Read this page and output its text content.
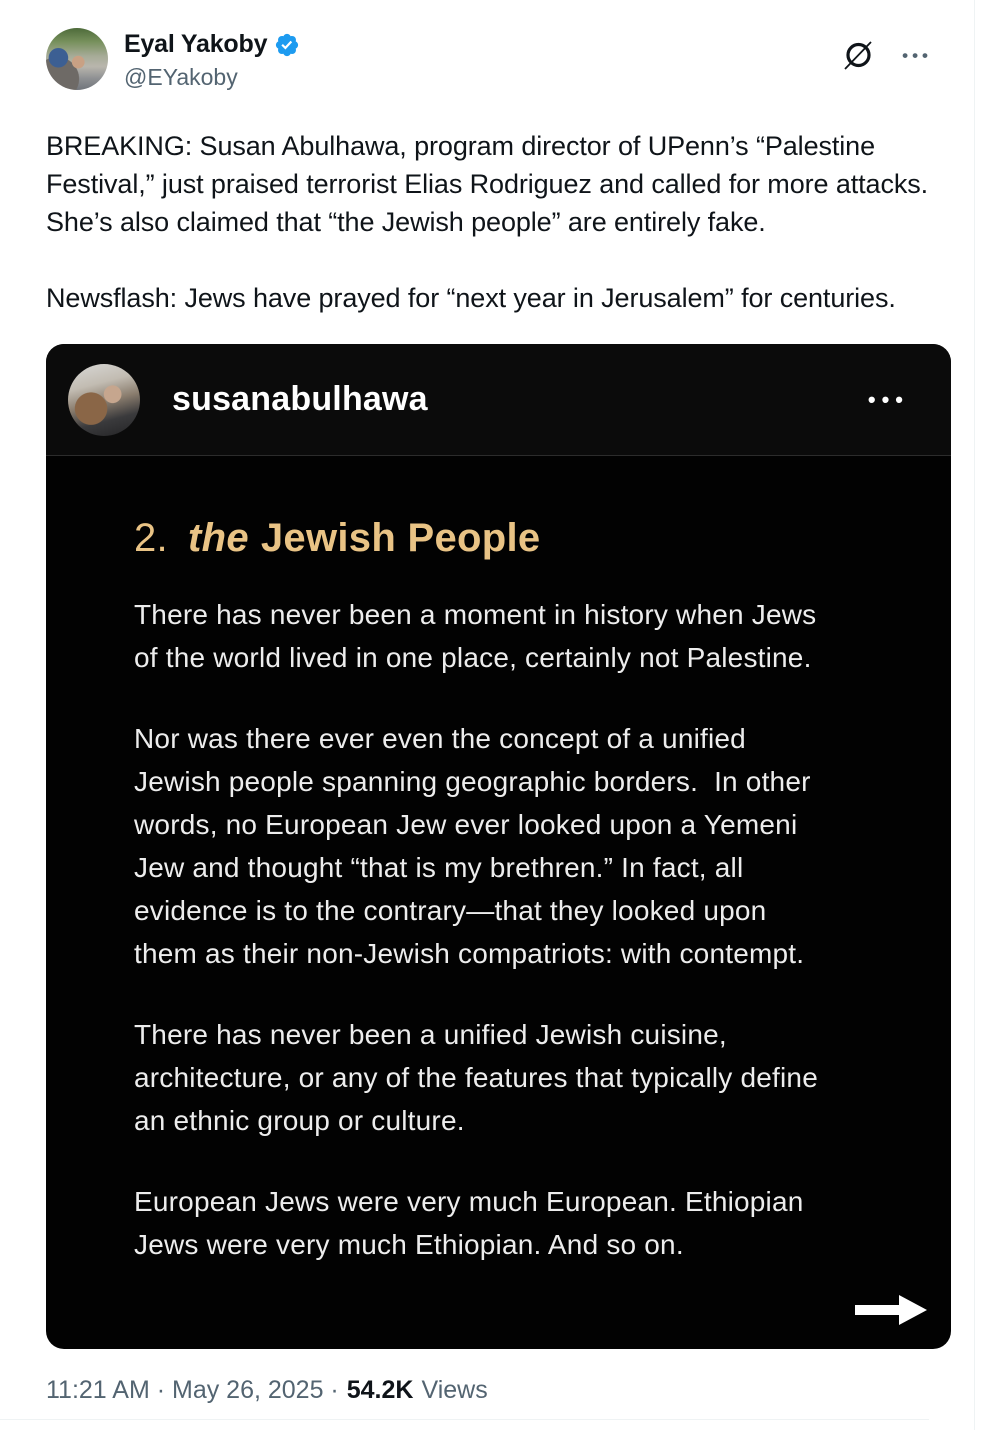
Eyal Yakoby
@EYakoby
•••

BREAKING: Susan Abulhawa, program director of UPenn’s “Palestine Festival,” just praised terrorist Elias Rodriguez and called for more attacks. She’s also claimed that “the Jewish people” are entirely fake.

Newsflash: Jews have prayed for “next year in Jerusalem” for centuries.

susanabulhawa	•••
2. the Jewish People

There has never been a moment in history when Jews of the world lived in one place, certainly not Palestine.

Nor was there ever even the concept of a unified Jewish people spanning geographic borders.  In other words, no European Jew ever looked upon a Yemeni Jew and thought “that is my brethren.” In fact, all evidence is to the contrary—that they looked upon them as their non-Jewish compatriots: with contempt.

There has never been a unified Jewish cuisine, architecture, or any of the features that typically define an ethnic group or culture.

European Jews were very much European. Ethiopian Jews were very much Ethiopian. And so on.

11:21 AM · May 26, 2025 · 54.2K Views
